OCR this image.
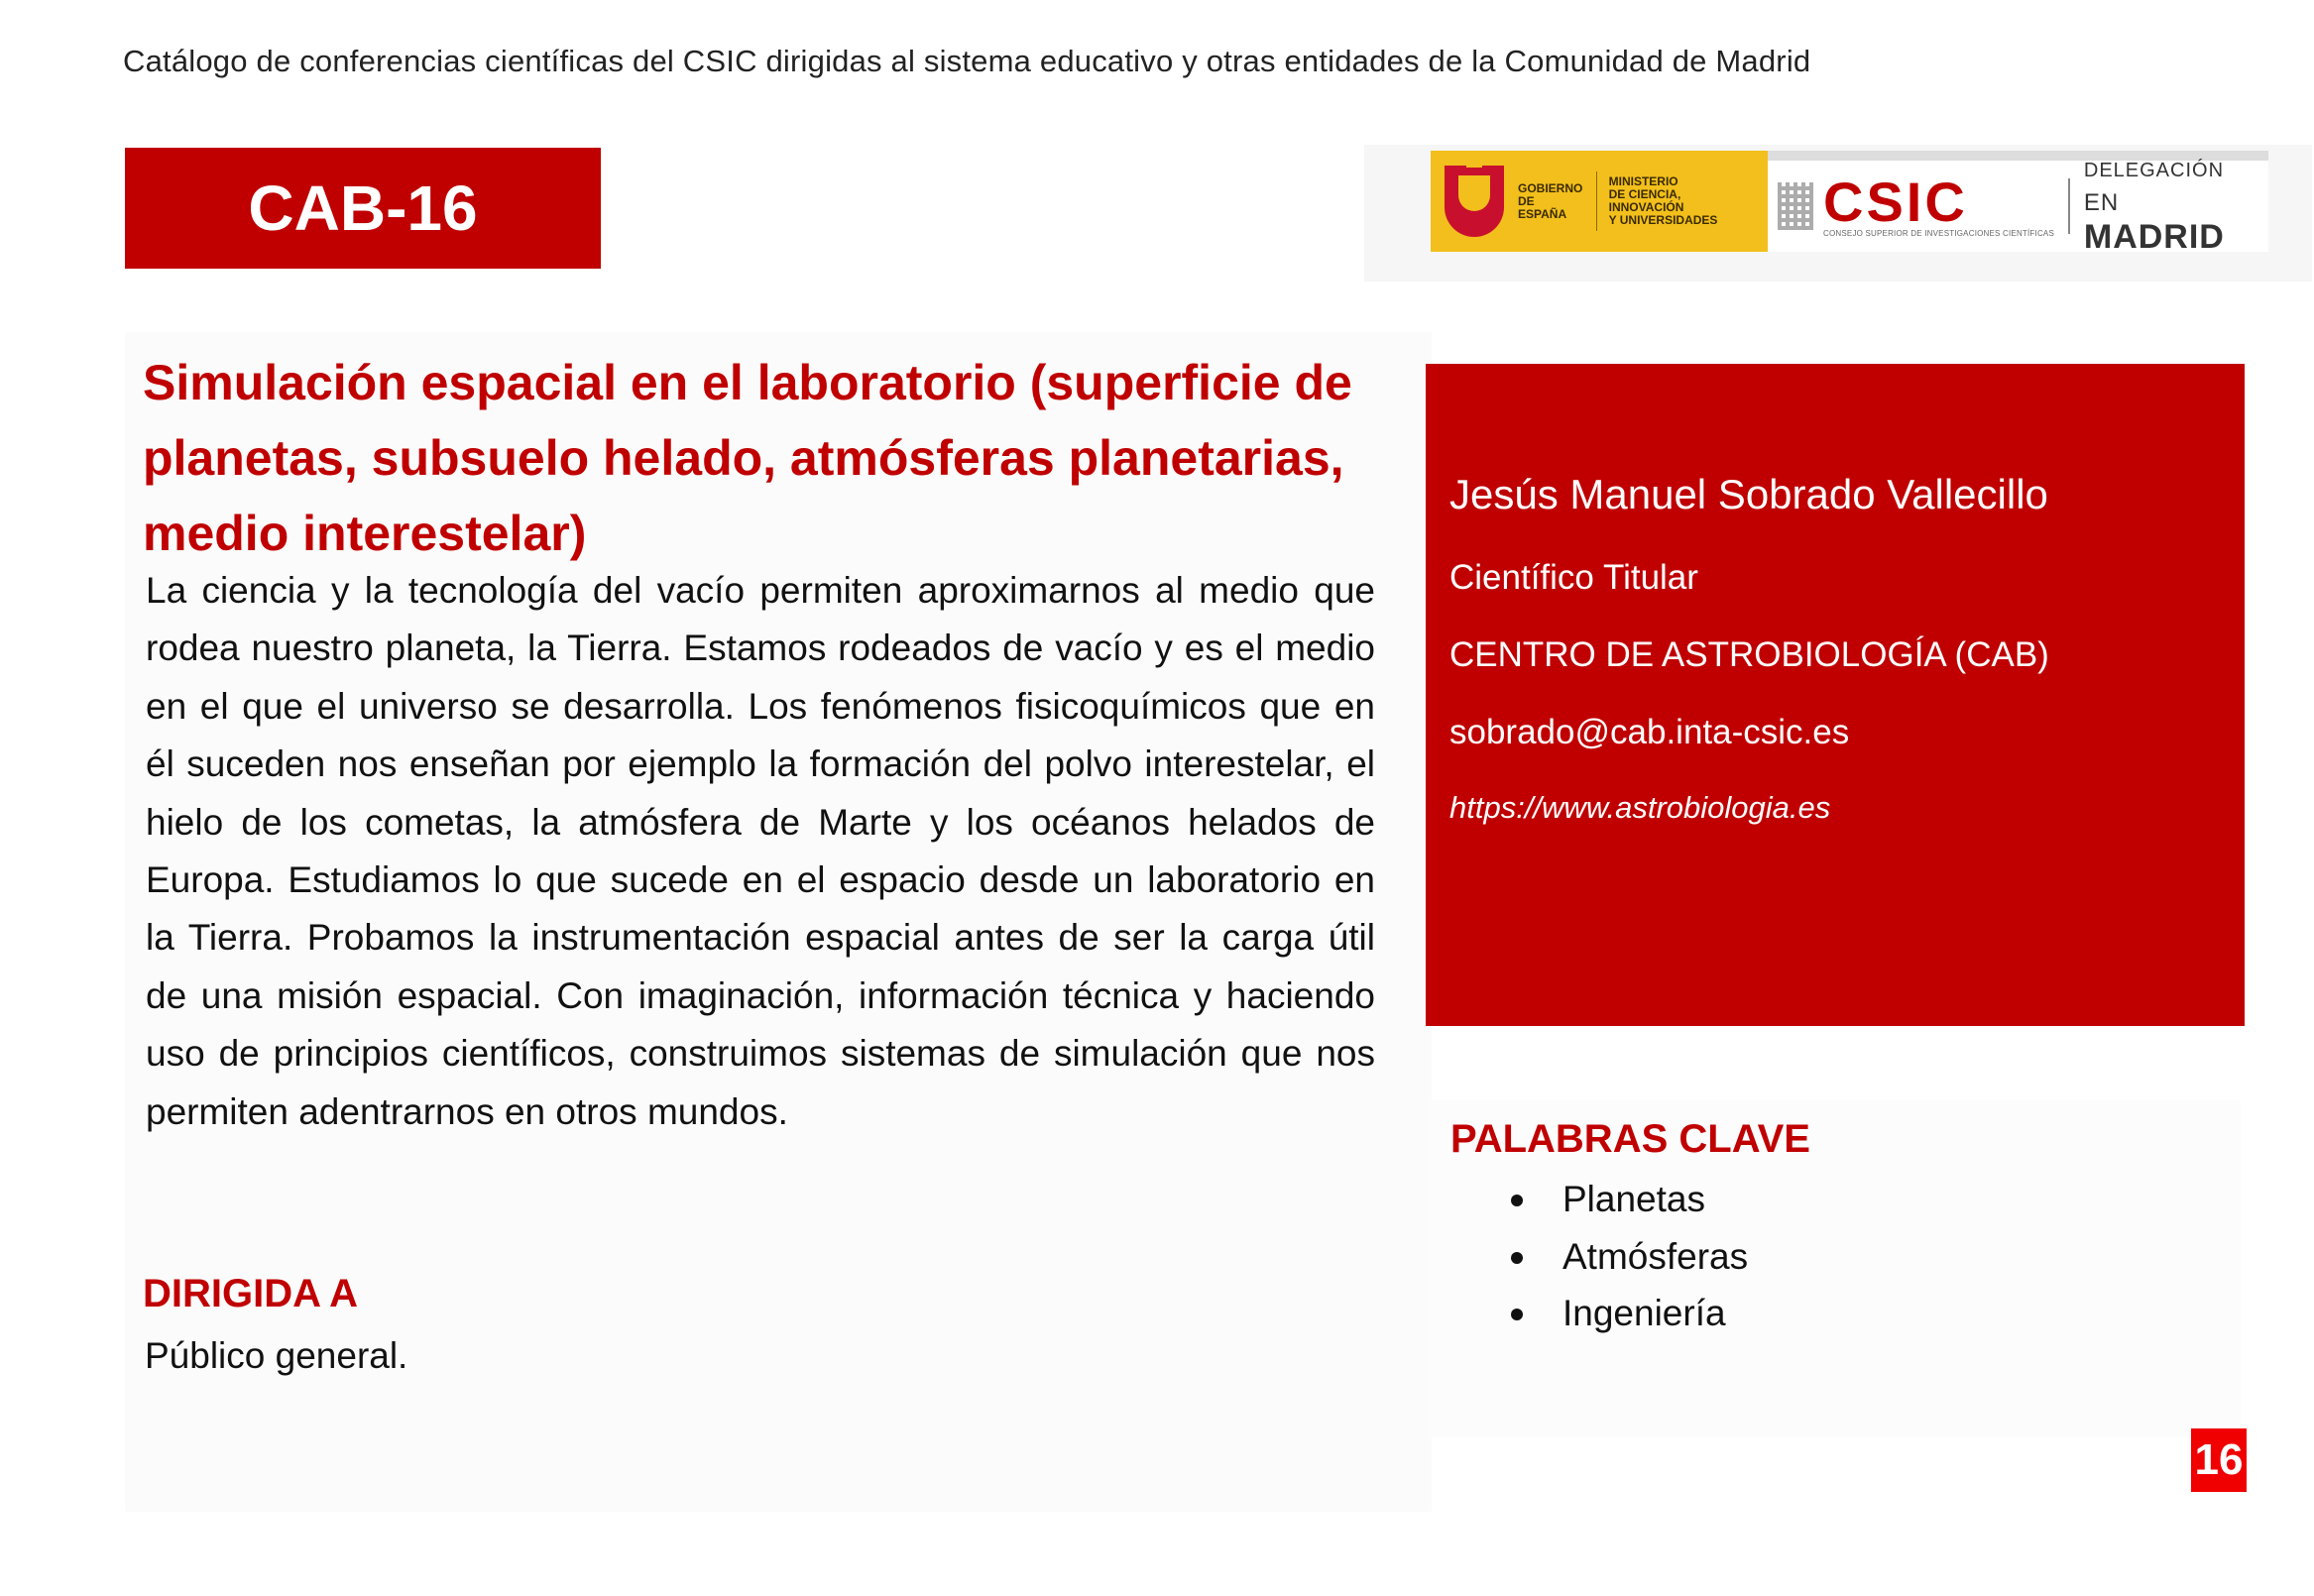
Catálogo de conferencias científicas del CSIC dirigidas al sistema educativo y otras entidades de la Comunidad de Madrid
CAB-16	GOBIERNO
DE ESPAÑA
MINISTERIO
DE CIENCIA, INNOVACIÓN
Y UNIVERSIDADES	CSIC
CONSEJO SUPERIOR DE INVESTIGACIONES CIENTÍFICAS
DELEGACIÓN
EN MADRID
Simulación espacial en el laboratorio (superficie de planetas, subsuelo helado, atmósferas planetarias, medio interestelar)
La ciencia y la tecnología del vacío permiten aproximarnos al medio que rodea nuestro planeta, la Tierra. Estamos rodeados de vacío y es el medio en el que el universo se desarrolla. Los fenómenos fisicoquímicos que en él suceden nos enseñan por ejemplo la formación del polvo interestelar, el hielo de los cometas, la atmósfera de Marte y los océanos helados de Europa. Estudiamos lo que sucede en el espacio desde un laboratorio en la Tierra. Probamos la instrumentación espacial antes de ser la carga útil de una misión espacial. Con imaginación, información técnica y haciendo uso de principios científicos, construimos sistemas de simulación que nos permiten adentrarnos en otros mundos.
DIRIGIDA A
Público general.
Jesús Manuel Sobrado Vallecillo
Científico Titular
CENTRO DE ASTROBIOLOGÍA (CAB)
sobrado@cab.inta-csic.es
https://www.astrobiologia.es
PALABRAS CLAVE
Planetas
Atmósferas
Ingeniería
16
